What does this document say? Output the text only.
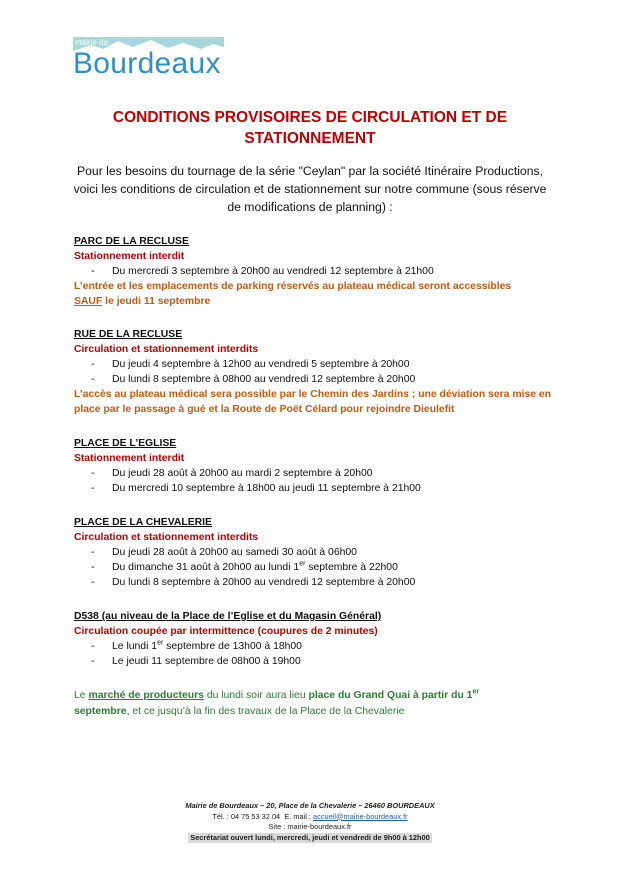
mairie de
Bourdeaux
CONDITIONS PROVISOIRES DE CIRCULATION ET DE STATIONNEMENT
Pour les besoins du tournage de la série "Ceylan" par la société Itinéraire Productions, voici les conditions de circulation et de stationnement sur notre commune (sous réserve de modifications de planning) :
PARC DE LA RECLUSE
Stationnement interdit
- Du mercredi 3 septembre à 20h00 au vendredi 12 septembre à 21h00
L’entrée et les emplacements de parking réservés au plateau médical seront accessibles
SAUF le jeudi 11 septembre
RUE DE LA RECLUSE
Circulation et stationnement interdits
- Du jeudi 4 septembre à 12h00 au vendredi 5 septembre à 20h00
- Du lundi 8 septembre à 08h00 au vendredi 12 septembre à 20h00
L’accès au plateau médical sera possible par le Chemin des Jardins ; une déviation sera mise en place par le passage à gué et la Route de Poët Célard pour rejoindre Dieulefit
PLACE DE L’EGLISE
Stationnement interdit
- Du jeudi 28 août à 20h00 au mardi 2 septembre à 20h00
- Du mercredi 10 septembre à 18h00 au jeudi 11 septembre à 21h00
PLACE DE LA CHEVALERIE
Circulation et stationnement interdits
- Du jeudi 28 août à 20h00 au samedi 30 août à 06h00
- Du dimanche 31 août à 20h00 au lundi 1er septembre à 22h00
- Du lundi 8 septembre à 20h00 au vendredi 12 septembre à 20h00
D538 (au niveau de la Place de l’Eglise et du Magasin Général)
Circulation coupée par intermittence (coupures de 2 minutes)
- Le lundi 1er septembre de 13h00 à 18h00
- Le jeudi 11 septembre de 08h00 à 19h00
Le marché de producteurs du lundi soir aura lieu place du Grand Quai à partir du 1er
septembre, et ce jusqu’à la fin des travaux de la Place de la Chevalerie
Mairie de Bourdeaux – 20, Place de la Chevalerie – 26460 BOURDEAUX
Tél. : 04 75 53 32 04 E. mail : accueil@mairie-bourdeaux.fr
Site : mairie-bourdeaux.fr
Secrétariat ouvert lundi, mercredi, jeudi et vendredi de 9h00 à 12h00
